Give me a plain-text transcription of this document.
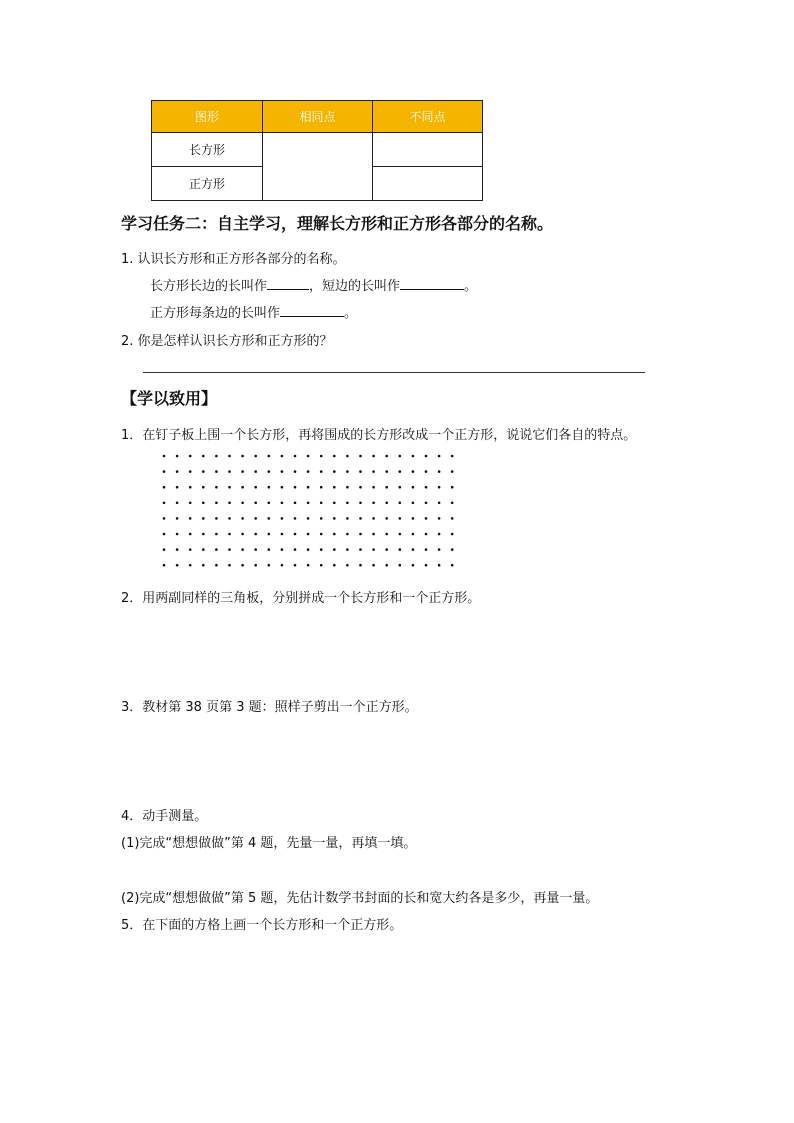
图形	相同点	不同点
长方形		
正方形		
学习任务二：自主学习，理解长方形和正方形各部分的名称。
1. 认识长方形和正方形各部分的名称。
长方形长边的长叫作	，短边的长叫作	。
正方形每条边的长叫作	。
2. 你是怎样认识长方形和正方形的？
【学以致用】
1．在钉子板上围一个长方形，再将围成的长方形改成一个正方形，说说它们各自的特点。
2．用两副同样的三角板，分别拼成一个长方形和一个正方形。
3．教材第 38 页第 3 题：照样子剪出一个正方形。
4．动手测量。
(1)完成“想想做做”第 4 题，先量一量，再填一填。
(2)完成“想想做做”第 5 题，先估计数学书封面的长和宽大约各是多少，再量一量。
5．在下面的方格上画一个长方形和一个正方形。
